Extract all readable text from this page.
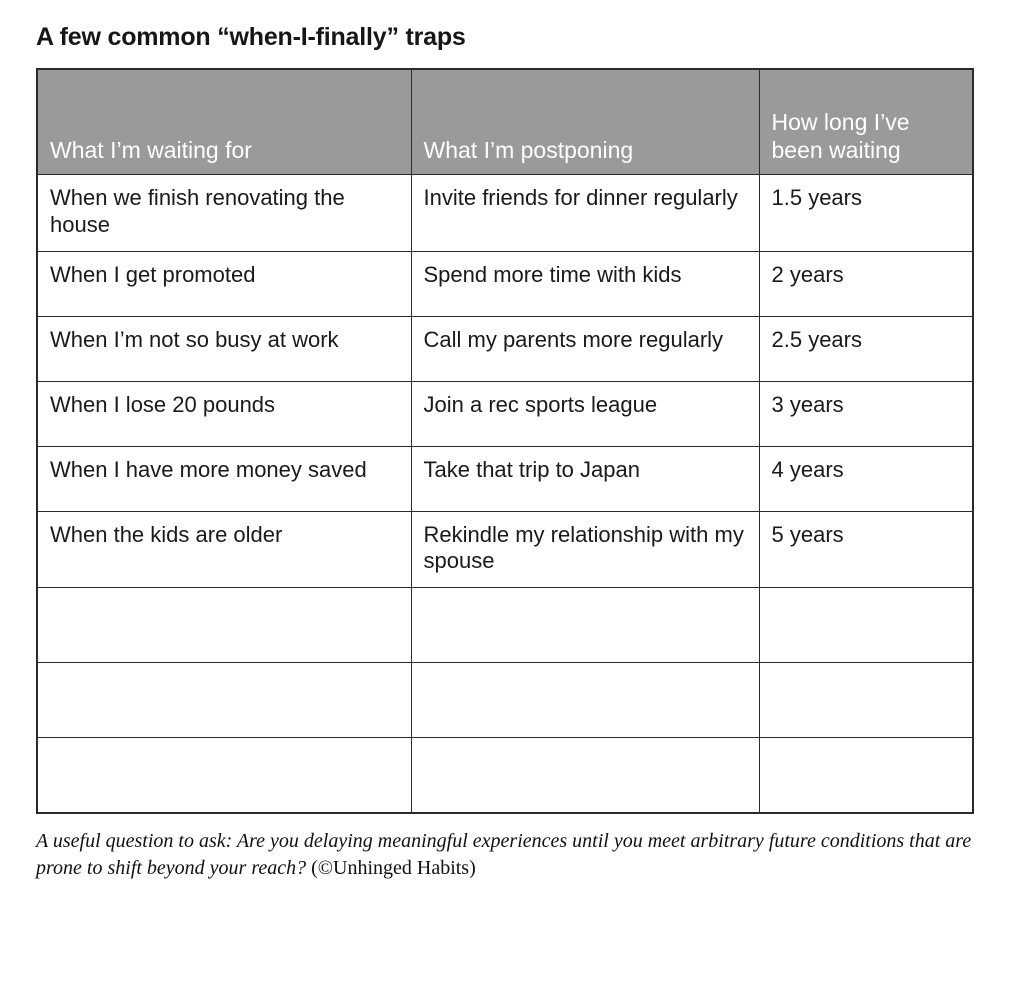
A few common “when-I-finally” traps
What I’m waiting for	What I’m postponing	How long I’ve been waiting
When we finish renovating the house	Invite friends for dinner regularly	1.5 years
When I get promoted	Spend more time with kids	2 years
When I’m not so busy at work	Call my parents more regularly	2.5 years
When I lose 20 pounds	Join a rec sports league	3 years
When I have more money saved	Take that trip to Japan	4 years
When the kids are older	Rekindle my relationship with my spouse	5 years

A useful question to ask: Are you delaying meaningful experiences until you meet arbitrary future conditions that are prone to shift beyond your reach? (©Unhinged Habits)
